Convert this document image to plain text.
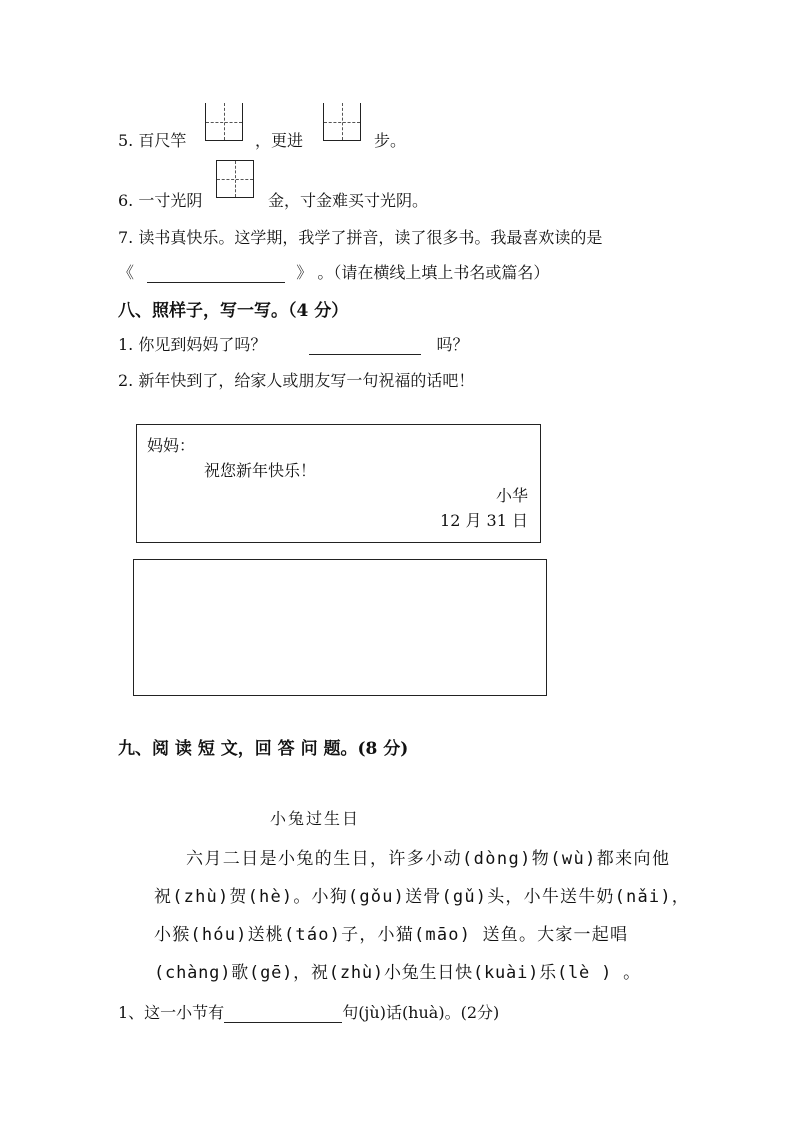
5. 百尺竿	，更进	步。
6. 一寸光阴	金，寸金难买寸光阴。
7. 读书真快乐。这学期，我学了拼音，读了很多书。我最喜欢读的是
《	》 。（请在横线上填上书名或篇名）
八、照样子，写一写。（4 分）
1. 你见到妈妈了吗？	吗？
2. 新年快到了，给家人或朋友写一句祝福的话吧！
妈妈：
祝您新年快乐！
小华
12 月 31 日
九、阅 读 短 文，回 答 问 题。(8 分)
小兔过生日
六月二日是小兔的生日，许多小动(dòng)物(wù)都来向他
祝(zhù)贺(hè)。小狗(gǒu)送骨(gǔ)头，小牛送牛奶(nǎi)，
小猴(hóu)送桃(táo)子，小猫(māo) 送鱼。大家一起唱
(chàng)歌(gē)，祝(zhù)小兔生日快(kuài)乐(lè ) 。
1、这一小节有	句(jù)话(huà)。(2分)
